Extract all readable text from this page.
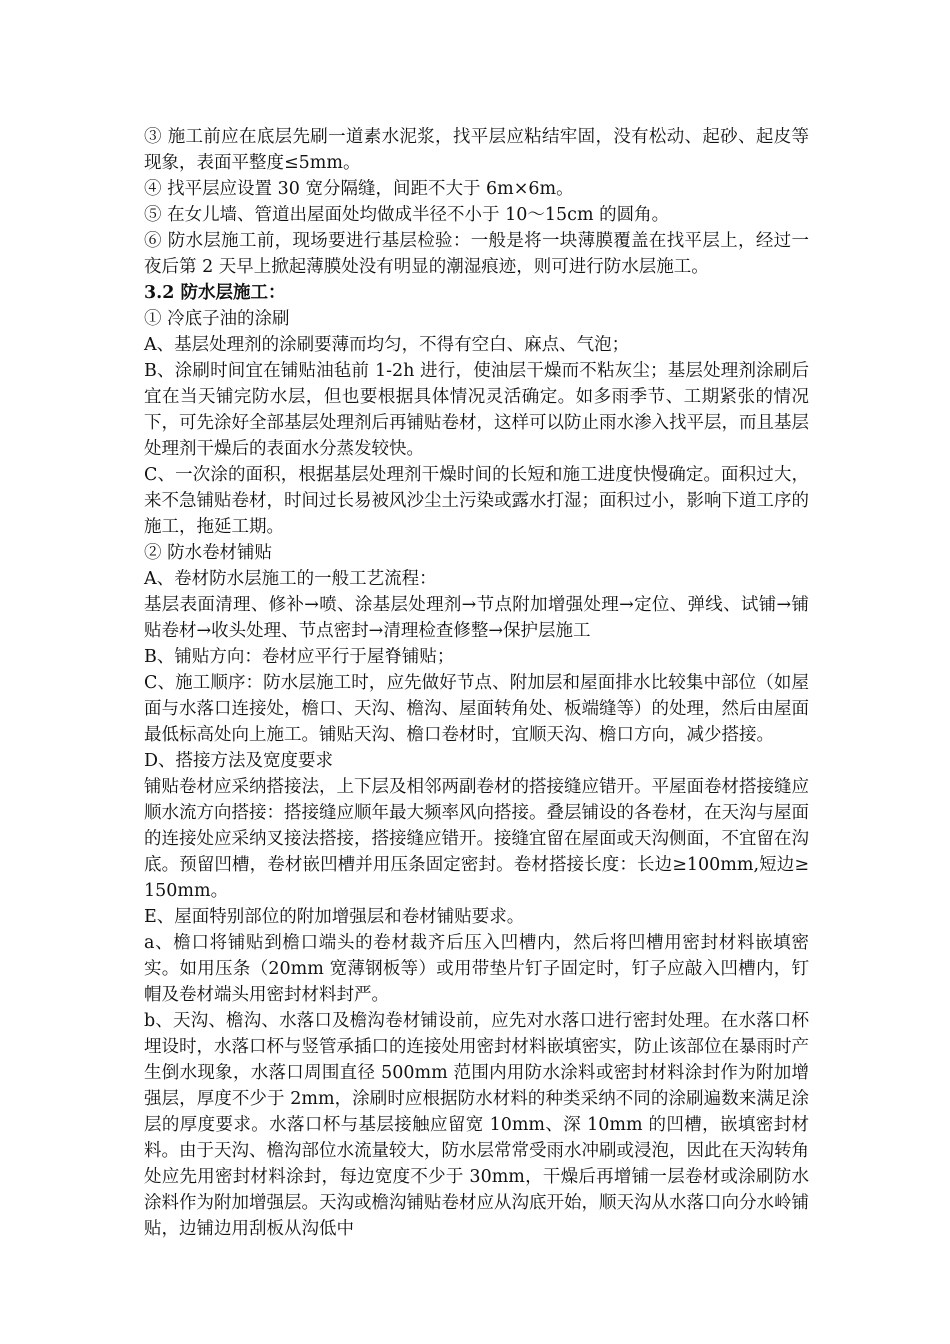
③ 施工前应在底层先刷一道素水泥浆，找平层应粘结牢固，没有松动、起砂、起皮等现象，表面平整度≤5mm。

④ 找平层应设置 30 宽分隔缝，间距不大于 6m×6m。

⑤ 在女儿墙、管道出屋面处均做成半径不小于 10～15cm 的圆角。

⑥ 防水层施工前，现场要进行基层检验：一般是将一块薄膜覆盖在找平层上，经过一夜后第 2 天早上掀起薄膜处没有明显的潮湿痕迹，则可进行防水层施工。

3.2 防水层施工：

① 冷底子油的涂刷

A、基层处理剂的涂刷要薄而均匀，不得有空白、麻点、气泡；

B、涂刷时间宜在铺贴油毡前 1-2h 进行，使油层干燥而不粘灰尘；基层处理剂涂刷后宜在当天铺完防水层，但也要根据具体情况灵活确定。如多雨季节、工期紧张的情况下，可先涂好全部基层处理剂后再铺贴卷材，这样可以防止雨水渗入找平层，而且基层处理剂干燥后的表面水分蒸发较快。

C、一次涂的面积，根据基层处理剂干燥时间的长短和施工进度快慢确定。面积过大，来不急铺贴卷材，时间过长易被风沙尘土污染或露水打湿；面积过小，影响下道工序的施工，拖延工期。

② 防水卷材铺贴

A、卷材防水层施工的一般工艺流程：

基层表面清理、修补→喷、涂基层处理剂→节点附加增强处理→定位、弹线、试铺→铺贴卷材→收头处理、节点密封→清理检查修整→保护层施工

B、铺贴方向：卷材应平行于屋脊铺贴；

C、施工顺序：防水层施工时，应先做好节点、附加层和屋面排水比较集中部位（如屋面与水落口连接处，檐口、天沟、檐沟、屋面转角处、板端缝等）的处理，然后由屋面最低标高处向上施工。铺贴天沟、檐口卷材时，宜顺天沟、檐口方向，减少搭接。

D、搭接方法及宽度要求

铺贴卷材应采纳搭接法，上下层及相邻两副卷材的搭接缝应错开。平屋面卷材搭接缝应顺水流方向搭接：搭接缝应顺年最大频率风向搭接。叠层铺设的各卷材，在天沟与屋面的连接处应采纳叉接法搭接，搭接缝应错开。接缝宜留在屋面或天沟侧面，不宜留在沟底。预留凹槽，卷材嵌凹槽并用压条固定密封。卷材搭接长度：长边≥100mm,短边≥150mm。

E、屋面特别部位的附加增强层和卷材铺贴要求。

a、檐口将铺贴到檐口端头的卷材裁齐后压入凹槽内，然后将凹槽用密封材料嵌填密实。如用压条（20mm 宽薄钢板等）或用带垫片钉子固定时，钉子应敲入凹槽内，钉帽及卷材端头用密封材料封严。

b、天沟、檐沟、水落口及檐沟卷材铺设前，应先对水落口进行密封处理。在水落口杯埋设时，水落口杯与竖管承插口的连接处用密封材料嵌填密实，防止该部位在暴雨时产生倒水现象，水落口周围直径 500mm 范围内用防水涂料或密封材料涂封作为附加增强层，厚度不少于 2mm，涂刷时应根据防水材料的种类采纳不同的涂刷遍数来满足涂层的厚度要求。水落口杯与基层接触应留宽 10mm、深 10mm 的凹槽，嵌填密封材料。由于天沟、檐沟部位水流量较大，防水层常常受雨水冲刷或浸泡，因此在天沟转角处应先用密封材料涂封，每边宽度不少于 30mm，干燥后再增铺一层卷材或涂刷防水涂料作为附加增强层。天沟或檐沟铺贴卷材应从沟底开始，顺天沟从水落口向分水岭铺贴，边铺边用刮板从沟低中
